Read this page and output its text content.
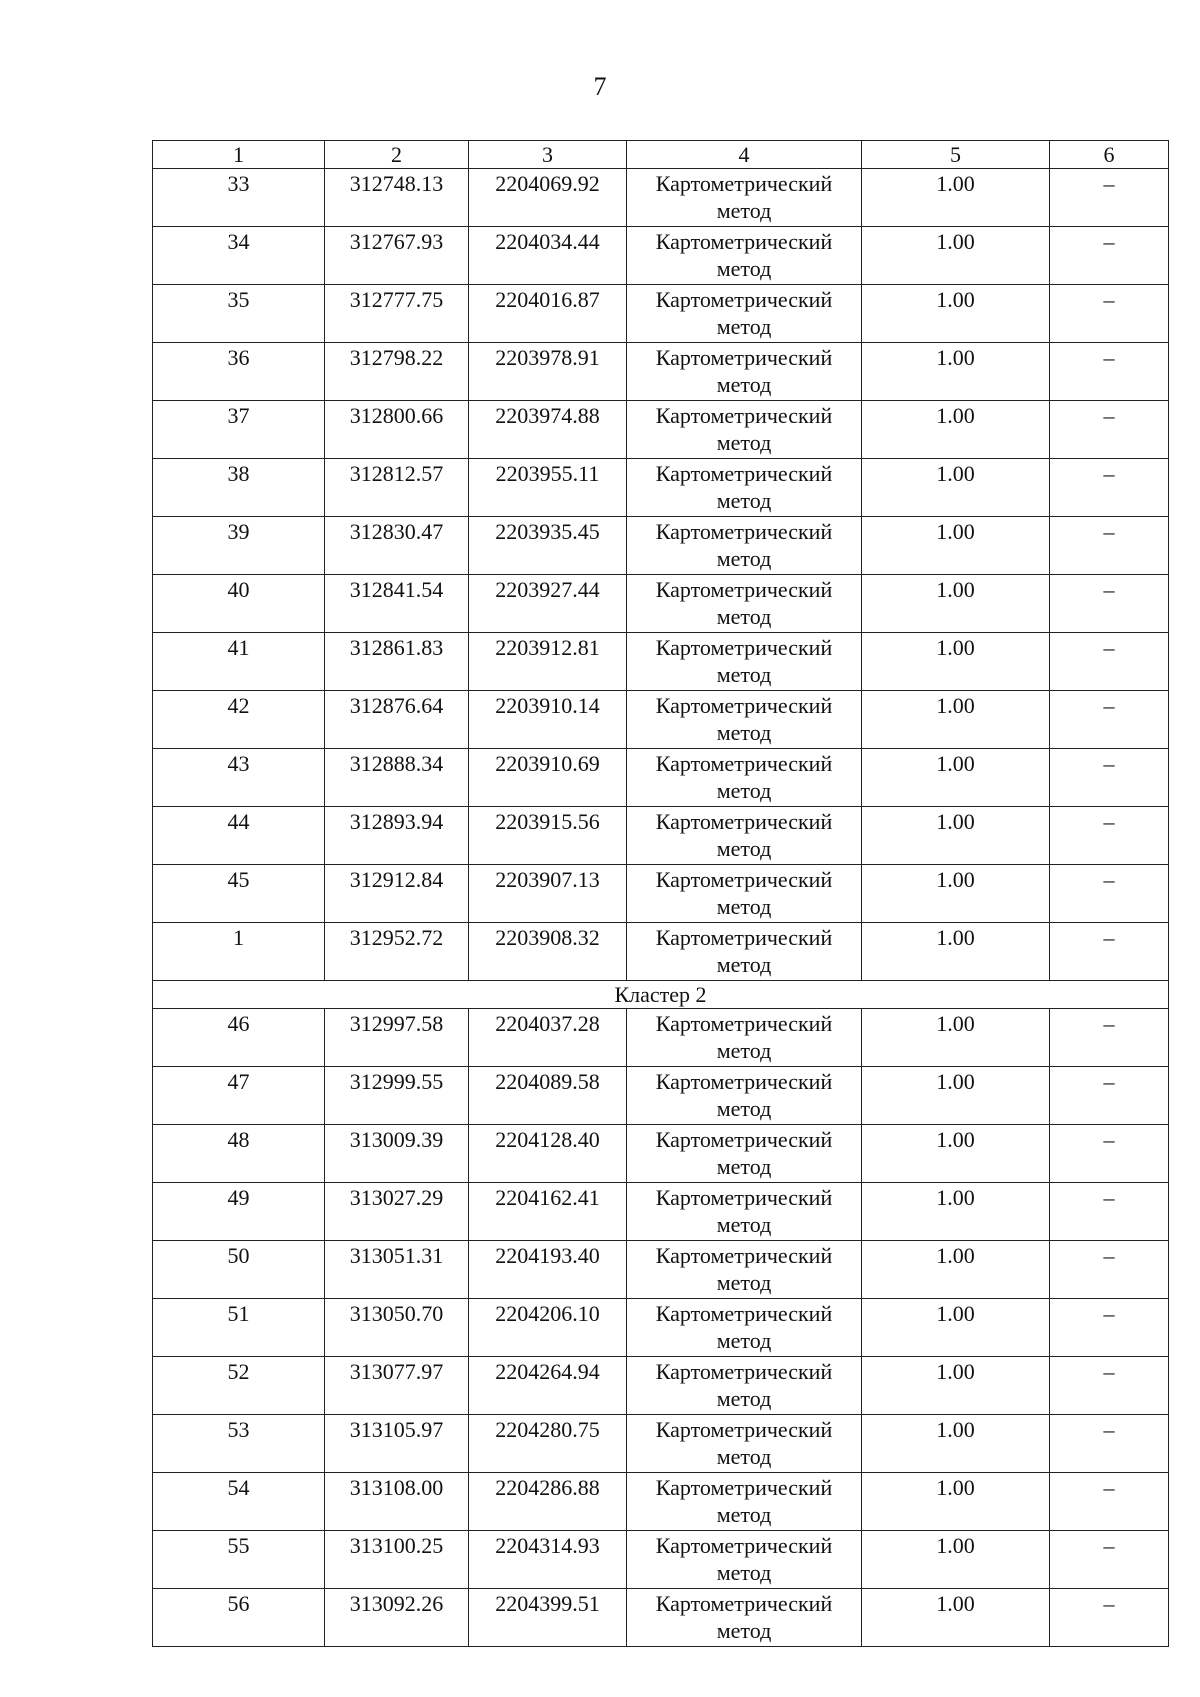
7
1	2	3	4	5	6
33	312748.13	2204069.92	Картометрический метод	1.00	–
34	312767.93	2204034.44	Картометрический метод	1.00	–
35	312777.75	2204016.87	Картометрический метод	1.00	–
36	312798.22	2203978.91	Картометрический метод	1.00	–
37	312800.66	2203974.88	Картометрический метод	1.00	–
38	312812.57	2203955.11	Картометрический метод	1.00	–
39	312830.47	2203935.45	Картометрический метод	1.00	–
40	312841.54	2203927.44	Картометрический метод	1.00	–
41	312861.83	2203912.81	Картометрический метод	1.00	–
42	312876.64	2203910.14	Картометрический метод	1.00	–
43	312888.34	2203910.69	Картометрический метод	1.00	–
44	312893.94	2203915.56	Картометрический метод	1.00	–
45	312912.84	2203907.13	Картометрический метод	1.00	–
1	312952.72	2203908.32	Картометрический метод	1.00	–
Кластер 2					
46	312997.58	2204037.28	Картометрический метод	1.00	–
47	312999.55	2204089.58	Картометрический метод	1.00	–
48	313009.39	2204128.40	Картометрический метод	1.00	–
49	313027.29	2204162.41	Картометрический метод	1.00	–
50	313051.31	2204193.40	Картометрический метод	1.00	–
51	313050.70	2204206.10	Картометрический метод	1.00	–
52	313077.97	2204264.94	Картометрический метод	1.00	–
53	313105.97	2204280.75	Картометрический метод	1.00	–
54	313108.00	2204286.88	Картометрический метод	1.00	–
55	313100.25	2204314.93	Картометрический метод	1.00	–
56	313092.26	2204399.51	Картометрический метод	1.00	–
